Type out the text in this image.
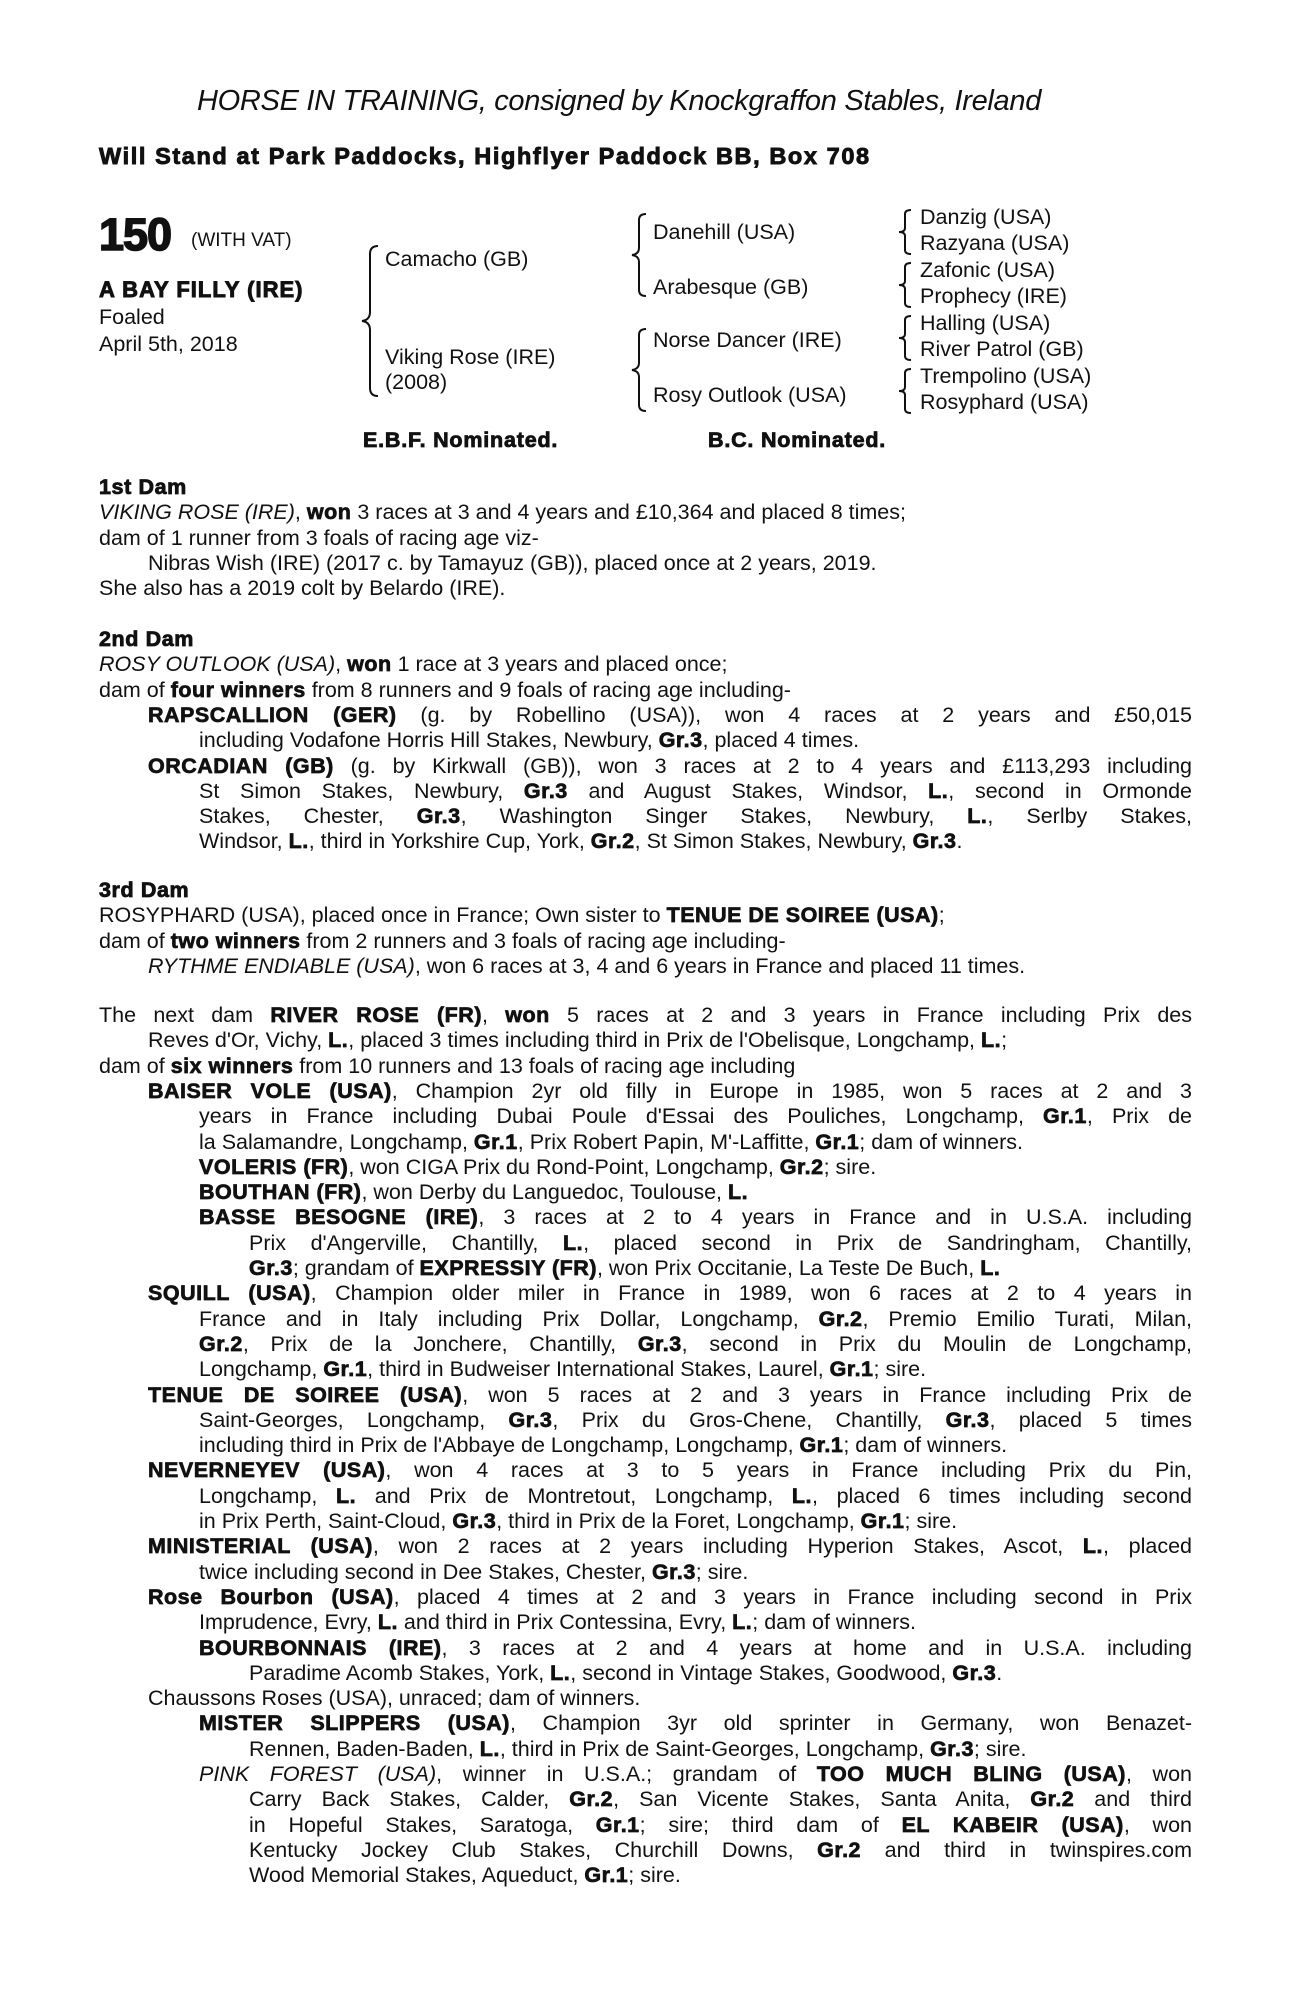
HORSE IN TRAINING, consigned by Knockgraffon Stables, Ireland
Will Stand at Park Paddocks, Highflyer Paddock BB, Box 708
150 (WITH VAT)
A BAY FILLY (IRE)
Foaled
April 5th, 2018
Camacho (GB)
Viking Rose (IRE)
(2008)
Danehill (USA)
Arabesque (GB)
Norse Dancer (IRE)
Rosy Outlook (USA)
Danzig (USA)
Razyana (USA)
Zafonic (USA)
Prophecy (IRE)
Halling (USA)
River Patrol (GB)
Trempolino (USA)
Rosyphard (USA)
E.B.F. Nominated.	B.C. Nominated.
1st Dam
VIKING ROSE (IRE), won 3 races at 3 and 4 years and £10,364 and placed 8 times;
dam of 1 runner from 3 foals of racing age viz-
Nibras Wish (IRE) (2017 c. by Tamayuz (GB)), placed once at 2 years, 2019.
She also has a 2019 colt by Belardo (IRE).
2nd Dam
ROSY OUTLOOK (USA), won 1 race at 3 years and placed once;
dam of four winners from 8 runners and 9 foals of racing age including-
RAPSCALLION (GER) (g. by Robellino (USA)), won 4 races at 2 years and £50,015
including Vodafone Horris Hill Stakes, Newbury, Gr.3, placed 4 times.
ORCADIAN (GB) (g. by Kirkwall (GB)), won 3 races at 2 to 4 years and £113,293 including
St Simon Stakes, Newbury, Gr.3 and August Stakes, Windsor, L., second in Ormonde
Stakes, Chester, Gr.3, Washington Singer Stakes, Newbury, L., Serlby Stakes,
Windsor, L., third in Yorkshire Cup, York, Gr.2, St Simon Stakes, Newbury, Gr.3.
3rd Dam
ROSYPHARD (USA), placed once in France; Own sister to TENUE DE SOIREE (USA);
dam of two winners from 2 runners and 3 foals of racing age including-
RYTHME ENDIABLE (USA), won 6 races at 3, 4 and 6 years in France and placed 11 times.
The next dam RIVER ROSE (FR), won 5 races at 2 and 3 years in France including Prix des
Reves d'Or, Vichy, L., placed 3 times including third in Prix de l'Obelisque, Longchamp, L.;
dam of six winners from 10 runners and 13 foals of racing age including
BAISER VOLE (USA), Champion 2yr old filly in Europe in 1985, won 5 races at 2 and 3
years in France including Dubai Poule d'Essai des Pouliches, Longchamp, Gr.1, Prix de
la Salamandre, Longchamp, Gr.1, Prix Robert Papin, M'-Laffitte, Gr.1; dam of winners.
VOLERIS (FR), won CIGA Prix du Rond-Point, Longchamp, Gr.2; sire.
BOUTHAN (FR), won Derby du Languedoc, Toulouse, L.
BASSE BESOGNE (IRE), 3 races at 2 to 4 years in France and in U.S.A. including
Prix d'Angerville, Chantilly, L., placed second in Prix de Sandringham, Chantilly,
Gr.3; grandam of EXPRESSIY (FR), won Prix Occitanie, La Teste De Buch, L.
SQUILL (USA), Champion older miler in France in 1989, won 6 races at 2 to 4 years in
France and in Italy including Prix Dollar, Longchamp, Gr.2, Premio Emilio Turati, Milan,
Gr.2, Prix de la Jonchere, Chantilly, Gr.3, second in Prix du Moulin de Longchamp,
Longchamp, Gr.1, third in Budweiser International Stakes, Laurel, Gr.1; sire.
TENUE DE SOIREE (USA), won 5 races at 2 and 3 years in France including Prix de
Saint-Georges, Longchamp, Gr.3, Prix du Gros-Chene, Chantilly, Gr.3, placed 5 times
including third in Prix de l'Abbaye de Longchamp, Longchamp, Gr.1; dam of winners.
NEVERNEYEV (USA), won 4 races at 3 to 5 years in France including Prix du Pin,
Longchamp, L. and Prix de Montretout, Longchamp, L., placed 6 times including second
in Prix Perth, Saint-Cloud, Gr.3, third in Prix de la Foret, Longchamp, Gr.1; sire.
MINISTERIAL (USA), won 2 races at 2 years including Hyperion Stakes, Ascot, L., placed
twice including second in Dee Stakes, Chester, Gr.3; sire.
Rose Bourbon (USA), placed 4 times at 2 and 3 years in France including second in Prix
Imprudence, Evry, L. and third in Prix Contessina, Evry, L.; dam of winners.
BOURBONNAIS (IRE), 3 races at 2 and 4 years at home and in U.S.A. including
Paradime Acomb Stakes, York, L., second in Vintage Stakes, Goodwood, Gr.3.
Chaussons Roses (USA), unraced; dam of winners.
MISTER SLIPPERS (USA), Champion 3yr old sprinter in Germany, won Benazet-
Rennen, Baden-Baden, L., third in Prix de Saint-Georges, Longchamp, Gr.3; sire.
PINK FOREST (USA), winner in U.S.A.; grandam of TOO MUCH BLING (USA), won
Carry Back Stakes, Calder, Gr.2, San Vicente Stakes, Santa Anita, Gr.2 and third
in Hopeful Stakes, Saratoga, Gr.1; sire; third dam of EL KABEIR (USA), won
Kentucky Jockey Club Stakes, Churchill Downs, Gr.2 and third in twinspires.com
Wood Memorial Stakes, Aqueduct, Gr.1; sire.
